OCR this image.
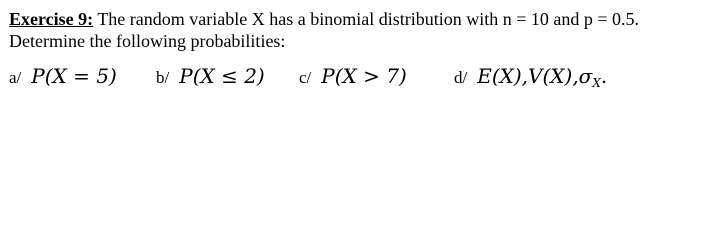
Exercise 9: The random variable X has a binomial distribution with n = 10 and p = 0.5.
Determine the following probabilities:
a/ P(X = 5) b/ P(X ≤ 2) c/ P(X > 7)	d/ $E(X),V(X),\sigma_X$.
